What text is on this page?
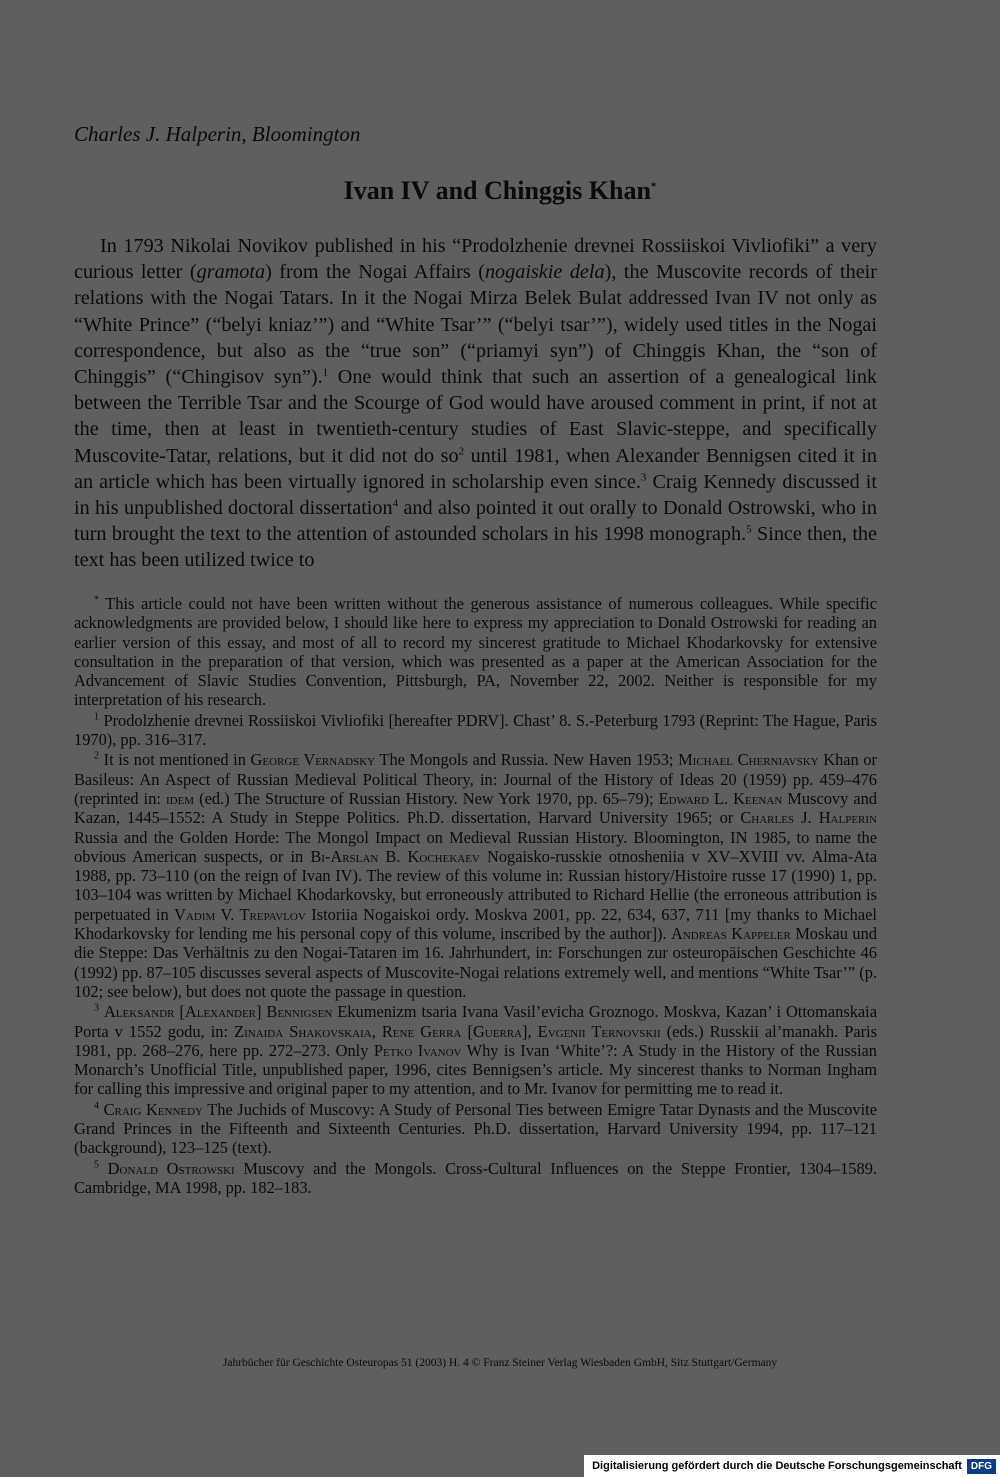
Charles J. Halperin, Bloomington
Ivan IV and Chinggis Khan*

In 1793 Nikolai Novikov published in his “Prodolzhenie drevnei Rossiiskoi Vivliofiki” a very curious letter (gramota) from the Nogai Affairs (nogaiskie dela), the Muscovite records of their relations with the Nogai Tatars. In it the Nogai Mirza Belek Bulat addressed Ivan IV not only as “White Prince” (“belyi kniaz’”) and “White Tsar’” (“belyi tsar’”), widely used titles in the Nogai correspondence, but also as the “true son” (“priamyi syn”) of Chinggis Khan, the “son of Chinggis” (“Chingisov syn”).$^1$ One would think that such an assertion of a genealogical link between the Terrible Tsar and the Scourge of God would have aroused comment in print, if not at the time, then at least in twentieth-century studies of East Slavic-steppe, and specifically Muscovite-Tatar, relations, but it did not do $so^2$ until 1981, when Alexander Bennigsen cited it in an article which has been virtually ignored in scholarship even since.$^3$ Craig Kennedy discussed it in his unpublished doctoral dissertation$^4$ and also pointed it out orally to Donald Ostrowski, who in turn brought the text to the attention of astounded scholars in his 1998 monograph.$^5$ Since then, the text has been utilized twice to

* This article could not have been written without the generous assistance of numerous colleagues. While specific acknowledgments are provided below, I should like here to express my appreciation to Donald Ostrowski for reading an earlier version of this essay, and most of all to record my sincerest gratitude to Michael Khodarkovsky for extensive consultation in the preparation of that version, which was presented as a paper at the American Association for the Advancement of Slavic Studies Convention, Pittsburgh, PA, November 22, 2002. Neither is responsible for my interpretation of his research.

$^1$ Prodolzhenie drevnei Rossiiskoi Vivliofiki [hereafter PDRV]. Chast’ 8. S.-Peterburg 1793 (Reprint: The Hague, Paris 1970), pp. 316–317.

$^2$ It is not mentioned in George Vernadsky The Mongols and Russia. New Haven 1953; Michael Cherniavsky Khan or Basileus: An Aspect of Russian Medieval Political Theory, in: Journal of the History of Ideas 20 (1959) pp. 459–476 (reprinted in: idem (ed.) The Structure of Russian History. New York 1970, pp. 65–79); Edward L. Keenan Muscovy and Kazan, 1445–1552: A Study in Steppe Politics. Ph.D. dissertation, Harvard University 1965; or Charles J. Halperin Russia and the Golden Horde: The Mongol Impact on Medieval Russian History. Bloomington, IN 1985, to name the obvious American suspects, or in Bi-Arslan B. Kochekaev Nogaisko-russkie otnosheniia v XV–XVIII vv. Alma-Ata 1988, pp. 73–110 (on the reign of Ivan IV). The review of this volume in: Russian history/Histoire russe 17 (1990) 1, pp. 103–104 was written by Michael Khodarkovsky, but erroneously attributed to Richard Hellie (the erroneous attribution is perpetuated in Vadim V. Trepavlov Istoriia Nogaiskoi ordy. Moskva 2001, pp. 22, 634, 637, 711 [my thanks to Michael Khodarkovsky for lending me his personal copy of this volume, inscribed by the author]). Andreas Kappeler Moskau und die Steppe: Das Verhältnis zu den Nogai-Tataren im 16. Jahrhundert, in: Forschungen zur osteuropäischen Geschichte 46 (1992) pp. 87–105 discusses several aspects of Muscovite-Nogai relations extremely well, and mentions “White Tsar’” (p. 102; see below), but does not quote the passage in question.

$^3$ Aleksandr [Alexander] Bennigsen Ekumenizm tsaria Ivana Vasil’evicha Groznogo. Moskva, Kazan’ i Ottomanskaia Porta v 1552 godu, in: Zinaida Shakovskaia, Rene Gerra [Guerra], Evgenii Ternovskii (eds.) Russkii al’manakh. Paris 1981, pp. 268–276, here pp. 272–273. Only Petko Ivanov Why is Ivan ‘White’?: A Study in the History of the Russian Monarch’s Unofficial Title, unpublished paper, 1996, cites Bennigsen’s article. My sincerest thanks to Norman Ingham for calling this impressive and original paper to my attention, and to Mr. Ivanov for permitting me to read it.

$^4$ Craig Kennedy The Juchids of Muscovy: A Study of Personal Ties between Emigre Tatar Dynasts and the Muscovite Grand Princes in the Fifteenth and Sixteenth Centuries. Ph.D. dissertation, Harvard University 1994, pp. 117–121 (background), 123–125 (text).

$^5$ Donald Ostrowski Muscovy and the Mongols. Cross-Cultural Influences on the Steppe Frontier, 1304–1589. Cambridge, MA 1998, pp. 182–183.

Jahrbücher für Geschichte Osteuropas 51 (2003) H. 4 © Franz Steiner Verlag Wiesbaden GmbH, Sitz Stuttgart/Germany
Digitalisierung gefördert durch die Deutsche Forschungsgemeinschaft DFG
